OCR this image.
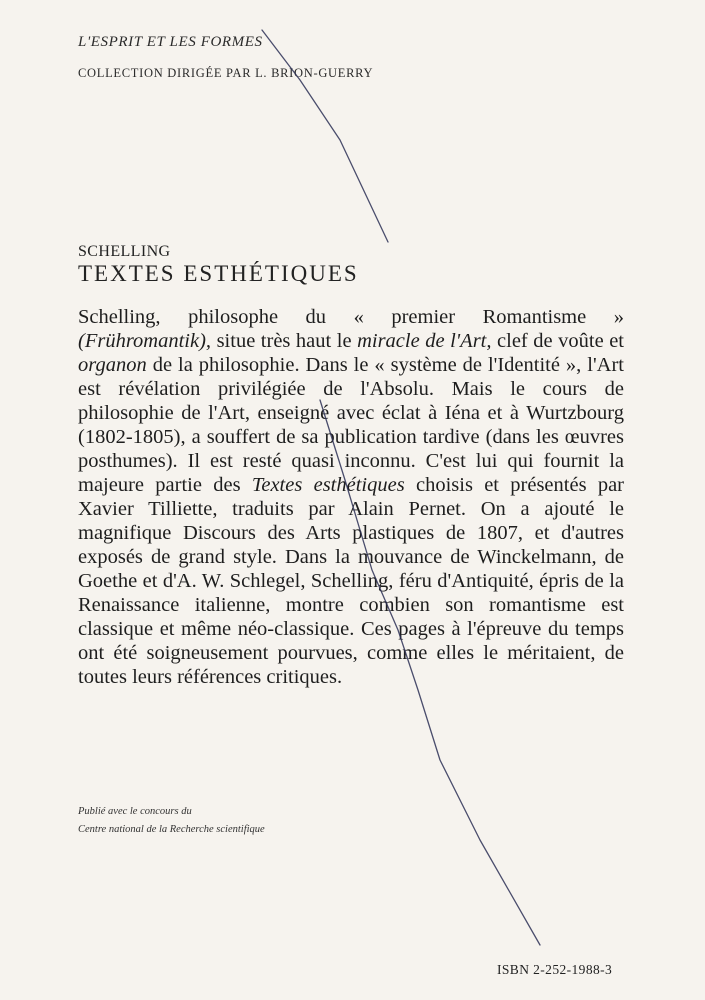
L'ESPRIT ET LES FORMES
COLLECTION DIRIGÉE PAR L. BRION-GUERRY
SCHELLING
TEXTES ESTHÉTIQUES

Schelling, philosophe du « premier Romantisme » (Frühromantik), situe très haut le miracle de l'Art, clef de voûte et organon de la philosophie. Dans le « système de l'Identité », l'Art est révélation privilégiée de l'Absolu. Mais le cours de philosophie de l'Art, enseigné avec éclat à Iéna et à Wurtzbourg (1802-1805), a souffert de sa publication tardive (dans les œuvres posthumes). Il est resté quasi inconnu. C'est lui qui fournit la majeure partie des Textes esthétiques choisis et présentés par Xavier Tilliette, traduits par Alain Pernet. On a ajouté le magnifique Discours des Arts plastiques de 1807, et d'autres exposés de grand style. Dans la mouvance de Winckelmann, de Goethe et d'A. W. Schlegel, Schelling, féru d'Antiquité, épris de la Renaissance italienne, montre combien son romantisme est classique et même néo-classique. Ces pages à l'épreuve du temps ont été soigneusement pourvues, comme elles le méritaient, de toutes leurs références critiques.

Publié avec le concours du
Centre national de la Recherche scientifique
ISBN 2-252-1988-3
